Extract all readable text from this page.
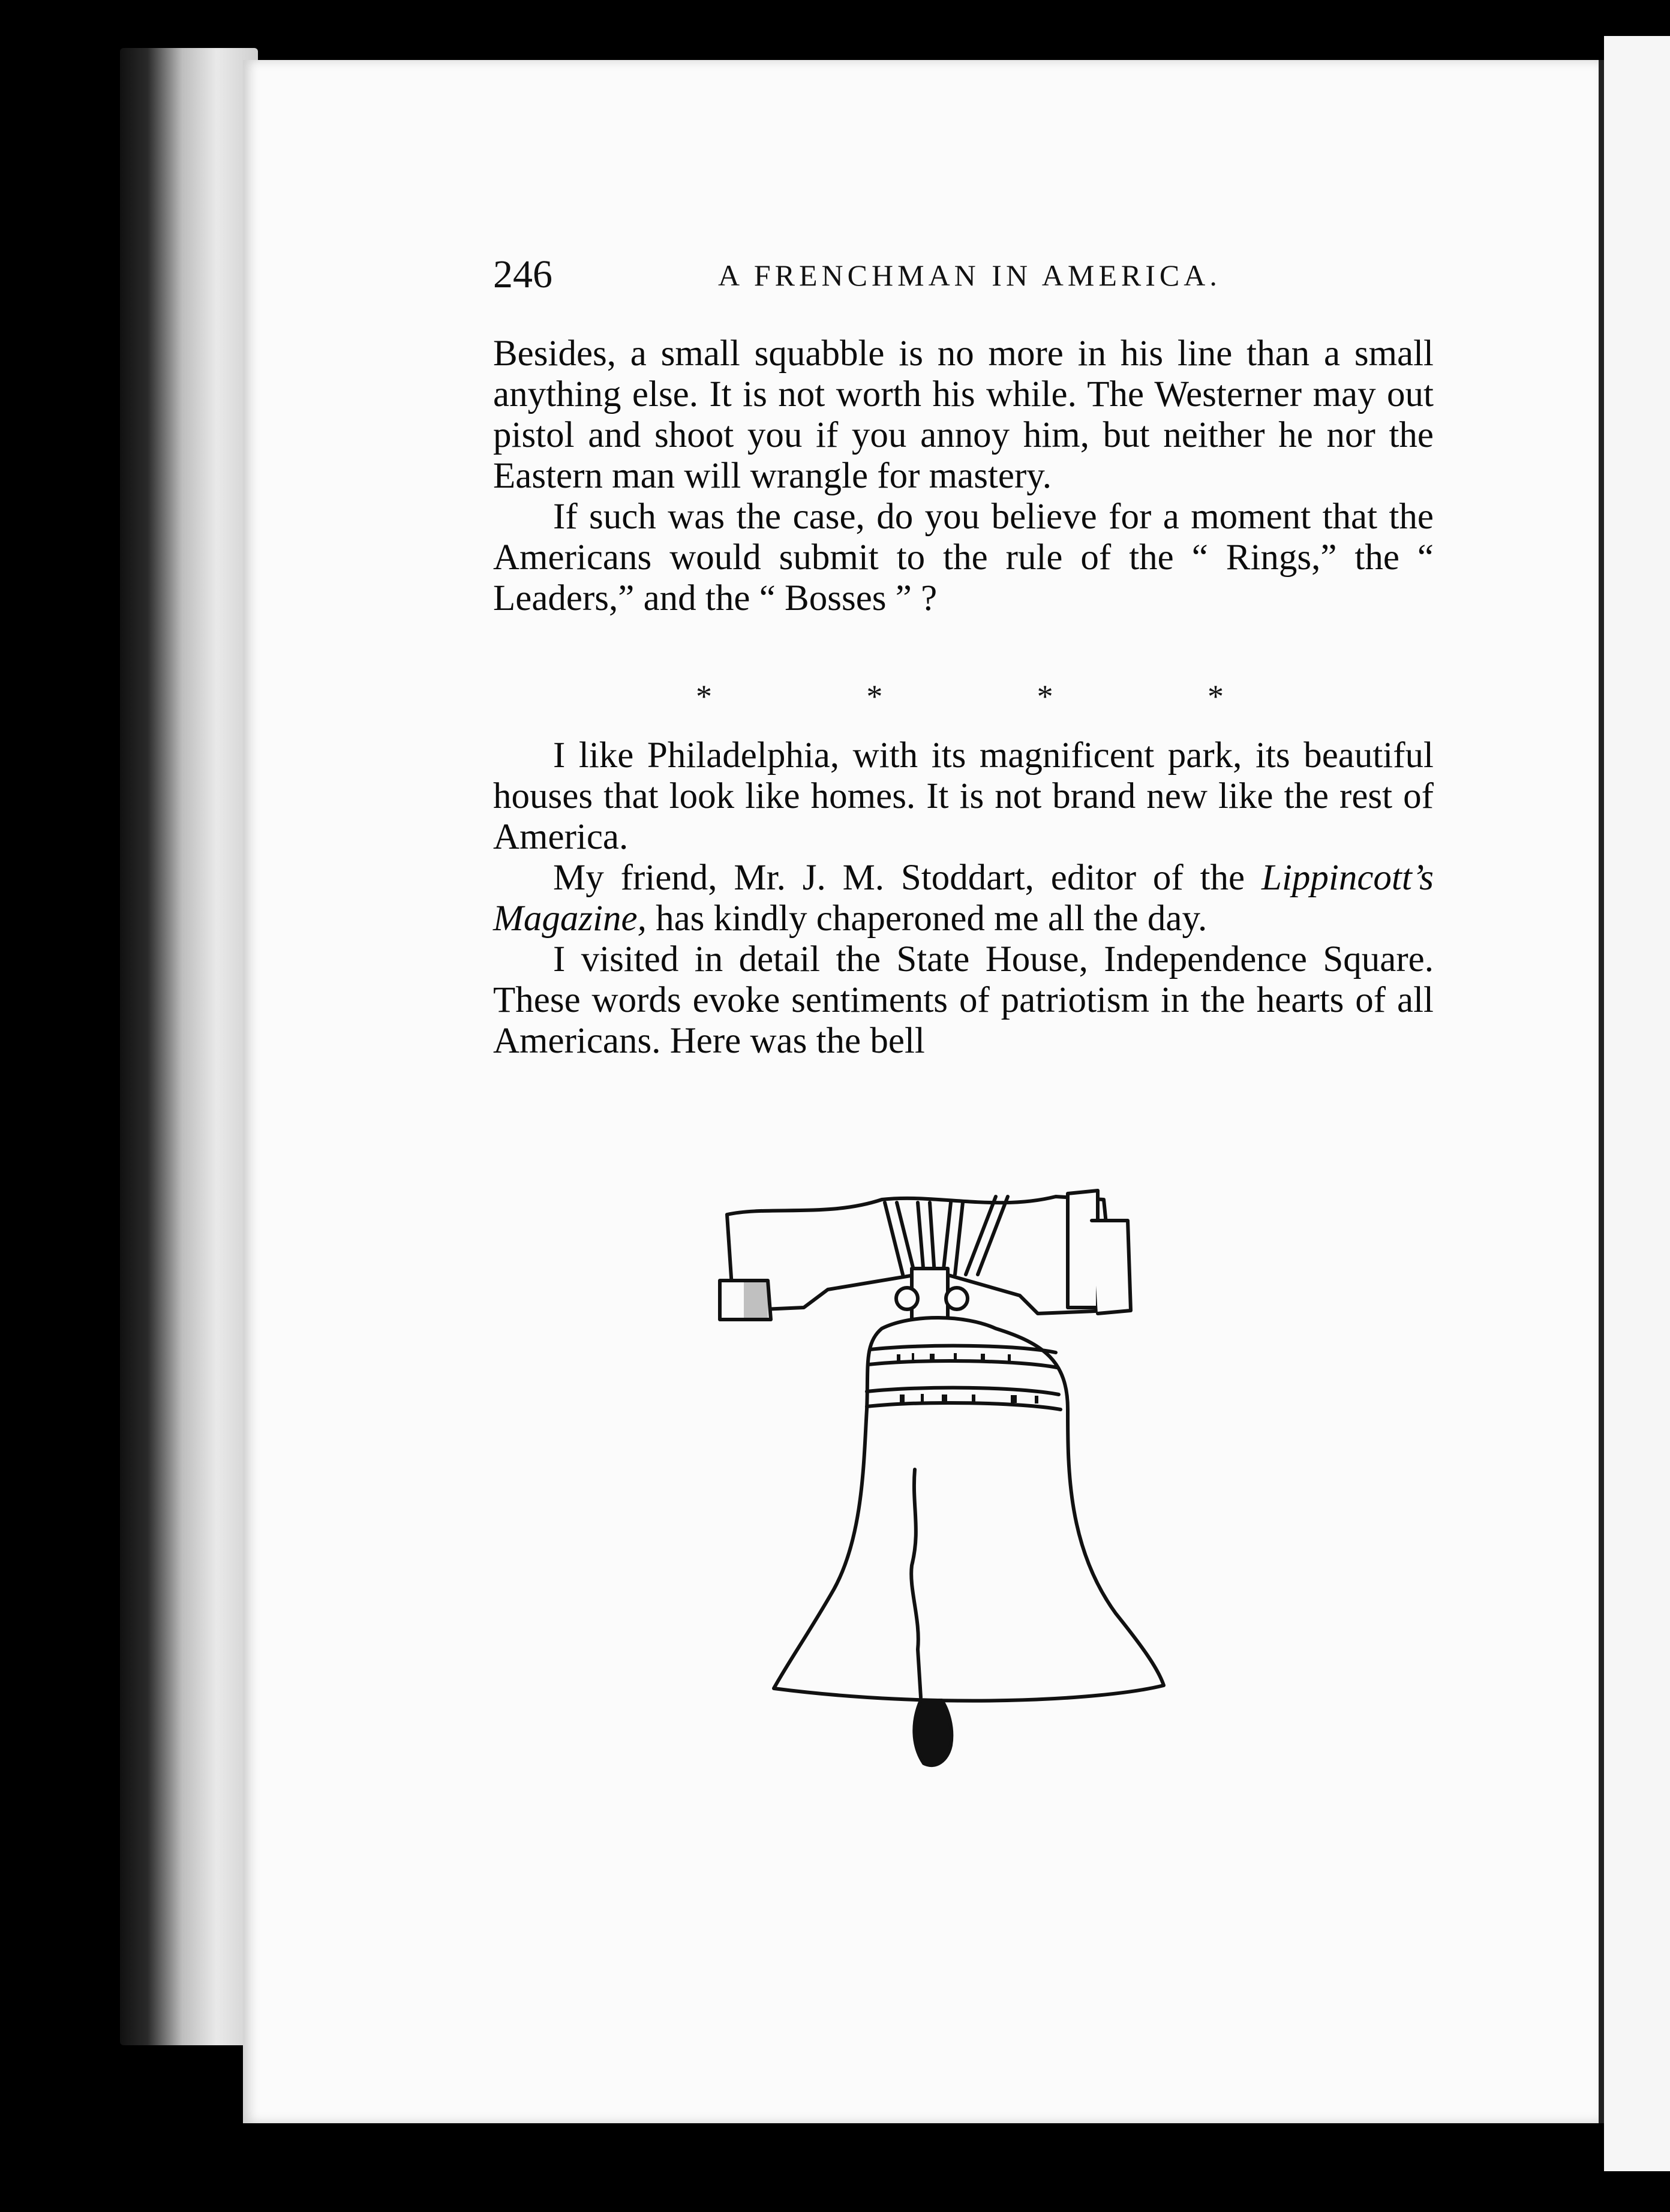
246	A FRENCHMAN IN AMERICA.

Besides, a small squabble is no more in his line than a small anything else. It is not worth his while. The Westerner may out pistol and shoot you if you annoy him, but neither he nor the Eastern man will wrangle for mastery.

If such was the case, do you believe for a moment that the Americans would submit to the rule of the “ Rings,” the “ Leaders,” and the “ Bosses ” ?

*	*	*	*

I like Philadelphia, with its magnificent park, its beautiful houses that look like homes. It is not brand new like the rest of America.

My friend, Mr. J. M. Stoddart, editor of the Lippincott’s Magazine, has kindly chaperoned me all the day.

I visited in detail the State House, Independence Square. These words evoke sentiments of patriotism in the hearts of all Americans. Here was the bell
